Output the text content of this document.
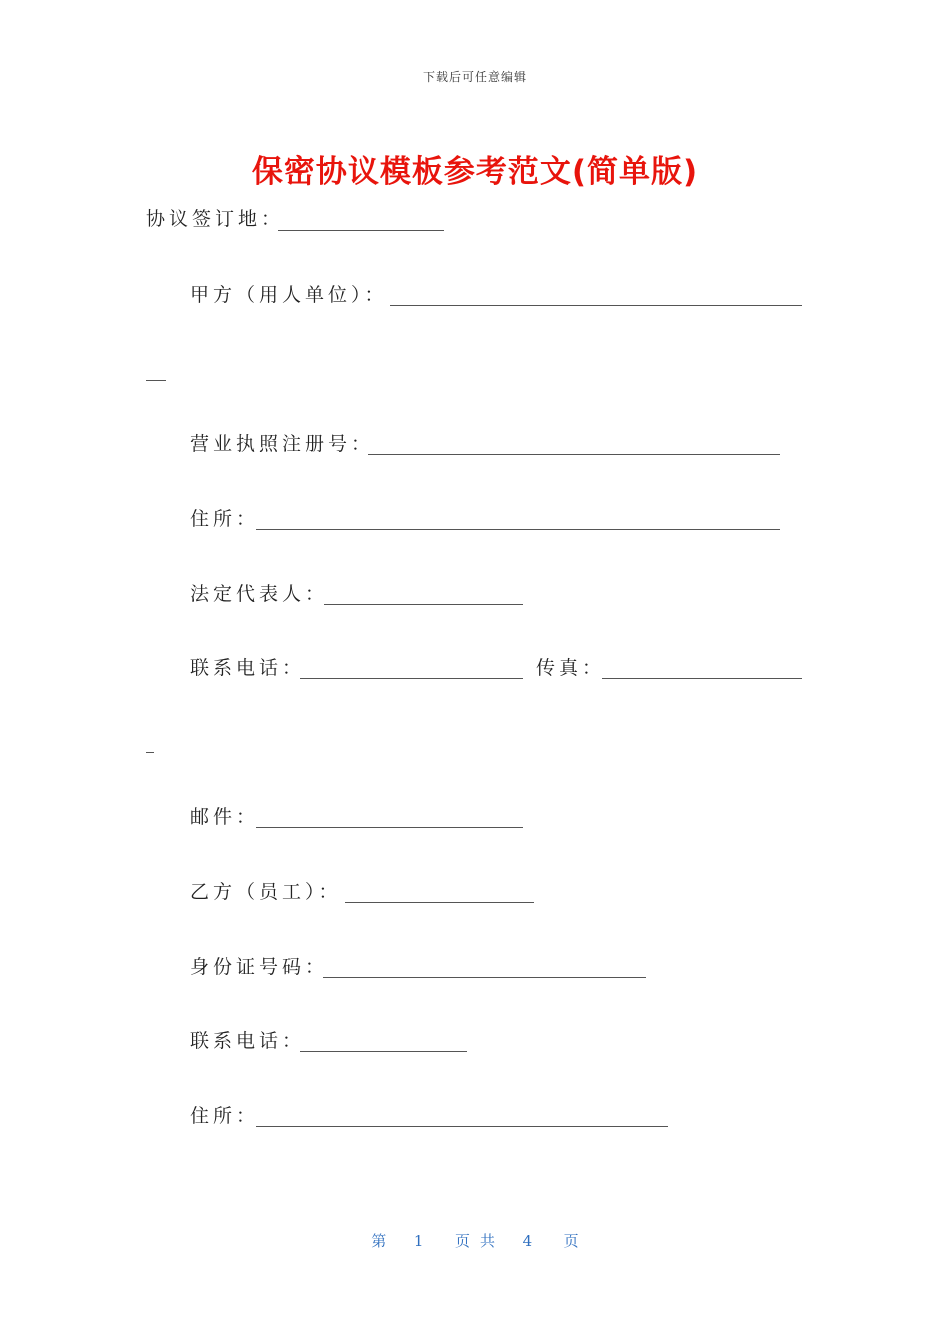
下载后可任意编辑
保密协议模板参考范文(简单版)
协议签订地：
甲方（用人单位）：
营业执照注册号：
住所：
法定代表人：
联系电话：	传真：
邮件：
乙方（员工）：
身份证号码：
联系电话：
住所：
第 1 页共 4 页
